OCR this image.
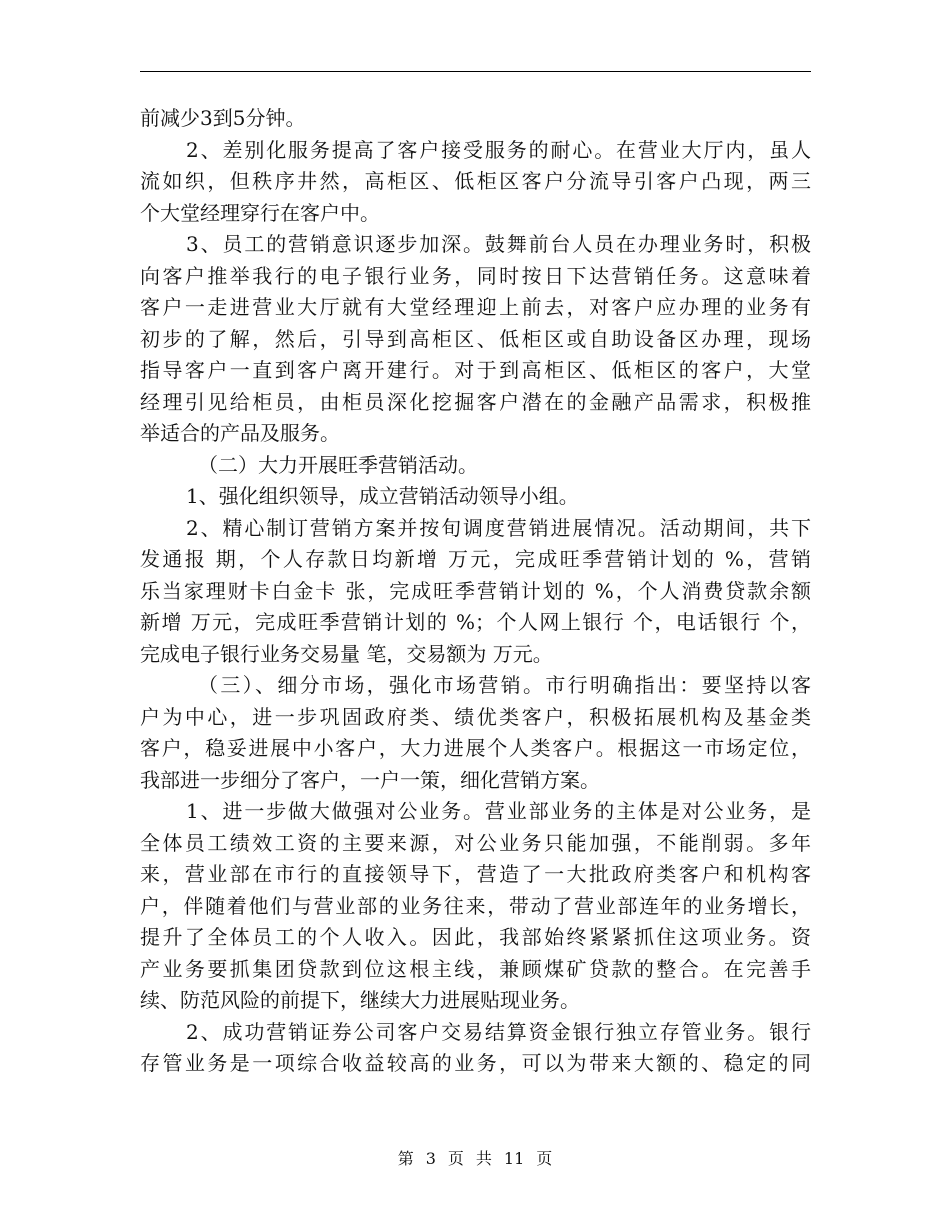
前减少3到5分钟。
2、差别化服务提高了客户接受服务的耐心。在营业大厅内，虽人
流如织，但秩序井然，高柜区、低柜区客户分流导引客户凸现，两三
个大堂经理穿行在客户中。
3、员工的营销意识逐步加深。鼓舞前台人员在办理业务时，积极
向客户推举我行的电子银行业务，同时按日下达营销任务。这意味着
客户一走进营业大厅就有大堂经理迎上前去，对客户应办理的业务有
初步的了解，然后，引导到高柜区、低柜区或自助设备区办理，现场
指导客户一直到客户离开建行。对于到高柜区、低柜区的客户，大堂
经理引见给柜员，由柜员深化挖掘客户潜在的金融产品需求，积极推
举适合的产品及服务。
（二）大力开展旺季营销活动。
1、强化组织领导，成立营销活动领导小组。
2、精心制订营销方案并按旬调度营销进展情况。活动期间，共下
发通报 期，个人存款日均新增 万元，完成旺季营销计划的 %，营销
乐当家理财卡白金卡 张，完成旺季营销计划的 %，个人消费贷款余额
新增 万元，完成旺季营销计划的 %；个人网上银行 个，电话银行 个，
完成电子银行业务交易量 笔，交易额为 万元。
（三）、细分市场，强化市场营销。市行明确指出：要坚持以客
户为中心，进一步巩固政府类、绩优类客户，积极拓展机构及基金类
客户，稳妥进展中小客户，大力进展个人类客户。根据这一市场定位，
我部进一步细分了客户，一户一策，细化营销方案。
1、进一步做大做强对公业务。营业部业务的主体是对公业务，是
全体员工绩效工资的主要来源，对公业务只能加强，不能削弱。多年
来，营业部在市行的直接领导下，营造了一大批政府类客户和机构客
户，伴随着他们与营业部的业务往来，带动了营业部连年的业务增长，
提升了全体员工的个人收入。因此，我部始终紧紧抓住这项业务。资
产业务要抓集团贷款到位这根主线，兼顾煤矿贷款的整合。在完善手
续、防范风险的前提下，继续大力进展贴现业务。
2、成功营销证券公司客户交易结算资金银行独立存管业务。银行
存管业务是一项综合收益较高的业务，可以为带来大额的、稳定的同
第 3 页 共 11 页
